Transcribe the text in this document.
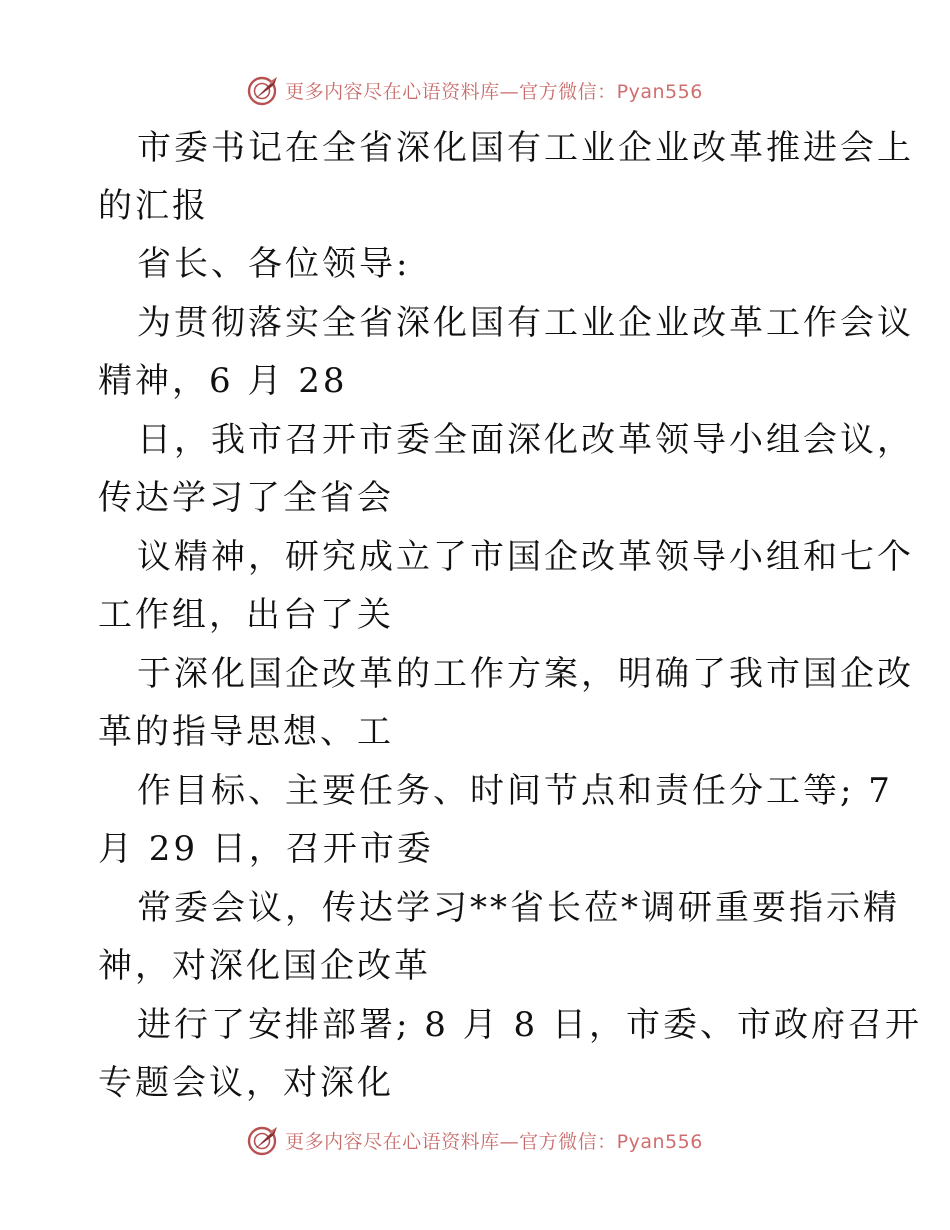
更多内容尽在心语资料库—官方微信：Pyan556
市委书记在全省深化国有工业企业改革推进会上
的汇报
省长、各位领导:
为贯彻落实全省深化国有工业企业改革工作会议
精神，6 月 28
日，我市召开市委全面深化改革领导小组会议，
传达学习了全省会
议精神，研究成立了市国企改革领导小组和七个
工作组，出台了关
于深化国企改革的工作方案，明确了我市国企改
革的指导思想、工
作目标、主要任务、时间节点和责任分工等; 7
月 29 日，召开市委
常委会议，传达学习**省长莅*调研重要指示精
神，对深化国企改革
进行了安排部署; 8 月 8 日，市委、市政府召开
专题会议，对深化
更多内容尽在心语资料库—官方微信：Pyan556
